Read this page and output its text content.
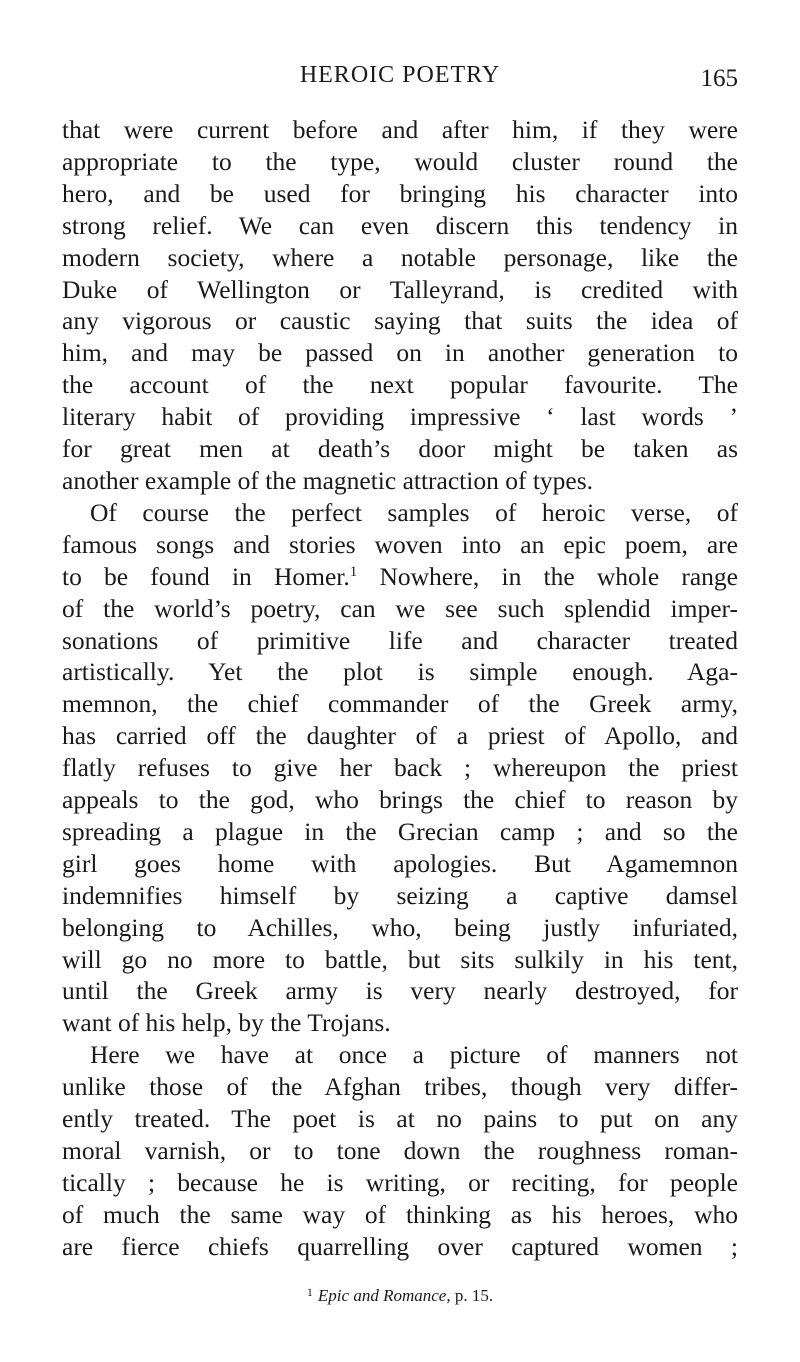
HEROIC POETRY	165

that were current before and after him, if they were
appropriate to the type, would cluster round the
hero, and be used for bringing his character into
strong relief. We can even discern this tendency in
modern society, where a notable personage, like the
Duke of Wellington or Talleyrand, is credited with
any vigorous or caustic saying that suits the idea of
him, and may be passed on in another generation to
the account of the next popular favourite. The
literary habit of providing impressive ‘ last words ’
for great men at death’s door might be taken as
another example of the magnetic attraction of types.

Of course the perfect samples of heroic verse, of
famous songs and stories woven into an epic poem, are
to be found in Homer.$^1$ Nowhere, in the whole range
of the world’s poetry, can we see such splendid imper-
sonations of primitive life and character treated
artistically. Yet the plot is simple enough. Aga-
memnon, the chief commander of the Greek army,
has carried off the daughter of a priest of Apollo, and
flatly refuses to give her back ; whereupon the priest
appeals to the god, who brings the chief to reason by
spreading a plague in the Grecian camp ; and so the
girl goes home with apologies. But Agamemnon
indemnifies himself by seizing a captive damsel
belonging to Achilles, who, being justly infuriated,
will go no more to battle, but sits sulkily in his tent,
until the Greek army is very nearly destroyed, for
want of his help, by the Trojans.

Here we have at once a picture of manners not
unlike those of the Afghan tribes, though very differ-
ently treated. The poet is at no pains to put on any
moral varnish, or to tone down the roughness roman-
tically ; because he is writing, or reciting, for people
of much the same way of thinking as his heroes, who
are fierce chiefs quarrelling over captured women ;

$^1$ Epic and Romance, p. 15.
